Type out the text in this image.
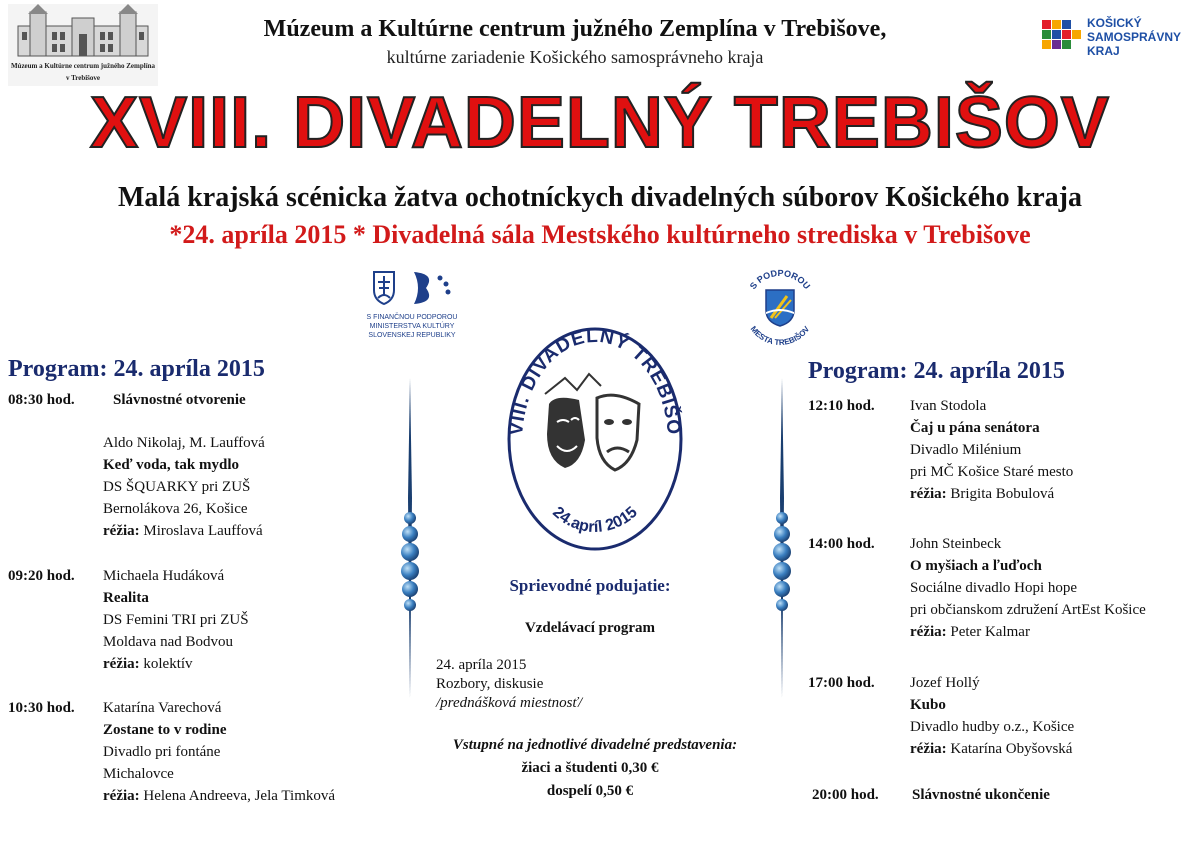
Múzeum a Kultúrne centrum južného Zemplína
v Trebišove
Múzeum a Kultúrne centrum južného Zemplína v Trebišove,
kultúrne zariadenie Košického samosprávneho kraja
KOŠICKÝ
SAMOSPRÁVNY
KRAJ
XVIII. DIVADELNÝ TREBIŠOV
Malá krajská scénicka žatva ochotníckych divadelných súborov Košického kraja
*24. apríla 2015 * Divadelná sála Mestského kultúrneho strediska v Trebišove
S FINANČNOU PODPOROU
MINISTERSTVA KULTÚRY
SLOVENSKEJ REPUBLIKY
S PODPOROU
MESTA TREBIŠOV
Program: 24. apríla 2015
08:30 hod.	Slávnostné otvorenie
Aldo Nikolaj, M. Lauffová
Keď voda, tak mydlo
DS ŠQUARKY pri ZUŠ
Bernolákova 26, Košice
réžia: Miroslava Lauffová
09:20 hod. Michaela Hudáková
Realita
DS Femini TRI pri ZUŠ
Moldava nad Bodvou
réžia: kolektív
10:30 hod. Katarína Varechová
Zostane to v rodine
Divadlo pri fontáne
Michalovce
réžia: Helena Andreeva, Jela Timková
VIII. DIVADELNÝ TREBIŠO
24.apríl 2015
Sprievodné podujatie:
Vzdelávací program
24. apríla 2015
Rozbory, diskusie
/prednášková miestnosť/
Vstupné na jednotlivé divadelné predstavenia:
žiaci a študenti 0,30 €
dospelí 0,50 €
Program: 24. apríla 2015
12:10 hod. Ivan Stodola
Čaj u pána senátora
Divadlo Milénium
pri MČ Košice Staré mesto
réžia: Brigita Bobulová
14:00 hod. John Steinbeck
O myšiach a ľuďoch
Sociálne divadlo Hopi hope
pri občianskom združení ArtEst Košice
réžia: Peter Kalmar
17:00 hod. Jozef Hollý
Kubo
Divadlo hudby o.z., Košice
réžia: Katarína Obyšovská
20:00 hod. Slávnostné ukončenie
